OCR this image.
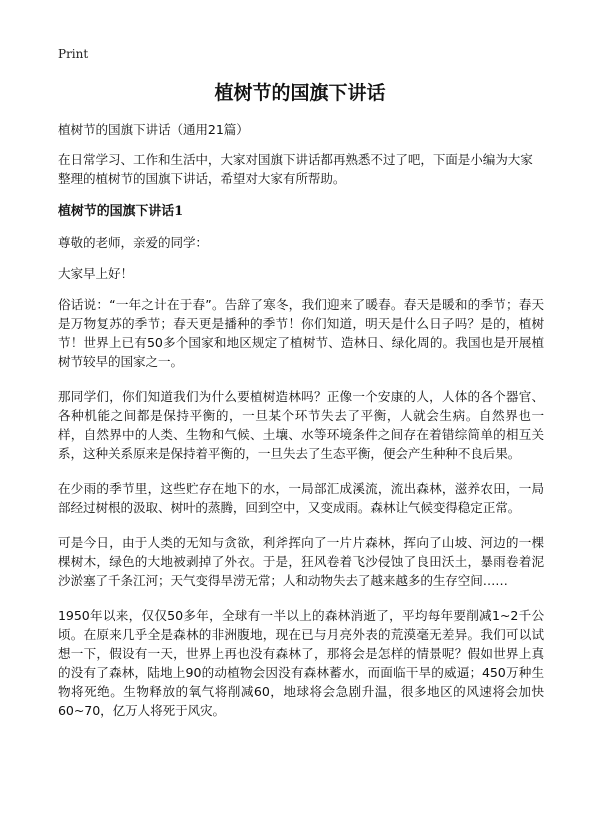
Print
植树节的国旗下讲话

植树节的国旗下讲话（通用21篇）

在日常学习、工作和生活中，大家对国旗下讲话都再熟悉不过了吧，下面是小编为大家整理的植树节的国旗下讲话，希望对大家有所帮助。

植树节的国旗下讲话1

尊敬的老师，亲爱的同学：

大家早上好！

俗话说：“一年之计在于春”。告辞了寒冬，我们迎来了暖春。春天是暖和的季节；春天是万物复苏的季节；春天更是播种的季节！你们知道，明天是什么日子吗？是的，植树节！世界上已有50多个国家和地区规定了植树节、造林日、绿化周的。我国也是开展植树节较早的国家之一。

那同学们，你们知道我们为什么要植树造林吗？正像一个安康的人，人体的各个器官、各种机能之间都是保持平衡的，一旦某个环节失去了平衡，人就会生病。自然界也一样，自然界中的人类、生物和气候、土壤、水等环境条件之间存在着错综简单的相互关系，这种关系原来是保持着平衡的，一旦失去了生态平衡，便会产生种种不良后果。

在少雨的季节里，这些贮存在地下的水，一局部汇成溪流，流出森林，滋养农田，一局部经过树根的汲取、树叶的蒸腾，回到空中，又变成雨。森林让气候变得稳定正常。

可是今日，由于人类的无知与贪欲，利斧挥向了一片片森林，挥向了山坡、河边的一棵棵树木，绿色的大地被剥掉了外衣。于是，狂风卷着飞沙侵蚀了良田沃土，暴雨卷着泥沙淤塞了千条江河；天气变得旱涝无常；人和动物失去了越来越多的生存空间……

1950年以来，仅仅50多年，全球有一半以上的森林消逝了，平均每年要削减1~2千公顷。在原来几乎全是森林的非洲腹地，现在已与月亮外表的荒漠毫无差异。我们可以试想一下，假设有一天，世界上再也没有森林了，那将会是怎样的情景呢？假如世界上真的没有了森林，陆地上90的动植物会因没有森林蓄水，而面临干旱的威逼；450万种生物将死绝。生物释放的氧气将削减60，地球将会急剧升温，很多地区的风速将会加快60~70，亿万人将死于风灾。
